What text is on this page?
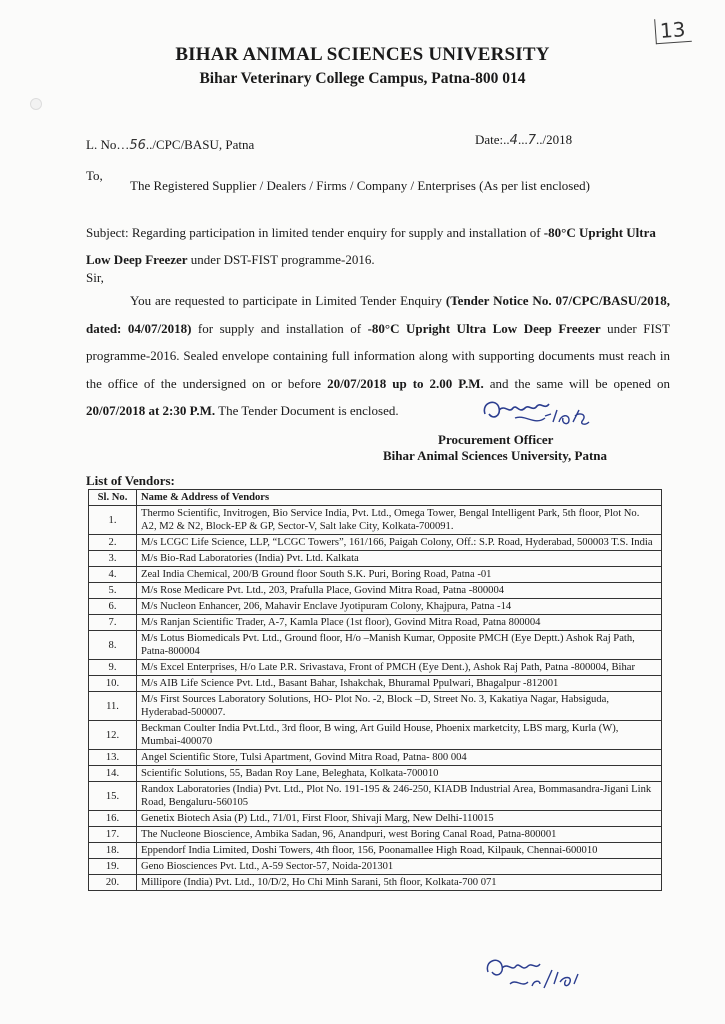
13
BIHAR ANIMAL SCIENCES UNIVERSITY
Bihar Veterinary College Campus, Patna-800 014
L. No…56../CPC/BASU, Patna	Date:..4...7../2018
To,
The Registered Supplier / Dealers / Firms / Company / Enterprises (As per list enclosed)
Subject: Regarding participation in limited tender enquiry for supply and installation of -80°C Upright Ultra Low Deep Freezer under DST-FIST programme-2016.
Sir,
You are requested to participate in Limited Tender Enquiry (Tender Notice No. 07/CPC/BASU/2018, dated: 04/07/2018) for supply and installation of -80°C Upright Ultra Low Deep Freezer under FIST programme-2016. Sealed envelope containing full information along with supporting documents must reach in the office of the undersigned on or before 20/07/2018 up to 2.00 P.M. and the same will be opened on 20/07/2018 at 2:30 P.M. The Tender Document is enclosed.
Procurement Officer
Bihar Animal Sciences University, Patna
List of Vendors:
Sl. No.	Name & Address of Vendors
1.	Thermo Scientific, Invitrogen, Bio Service India, Pvt. Ltd., Omega Tower, Bengal Intelligent Park, 5th floor, Plot No. A2, M2 & N2, Block-EP & GP, Sector-V, Salt lake City, Kolkata-700091.
2.	M/s LCGC Life Science, LLP, “LCGC Towers”, 161/166, Paigah Colony, Off.: S.P. Road, Hyderabad, 500003 T.S. India
3.	M/s Bio-Rad Laboratories (India) Pvt. Ltd. Kalkata
4.	Zeal India Chemical, 200/B Ground floor South S.K. Puri, Boring Road, Patna -01
5.	M/s Rose Medicare Pvt. Ltd., 203, Prafulla Place, Govind Mitra Road, Patna -800004
6.	M/s Nucleon Enhancer, 206, Mahavir Enclave Jyotipuram Colony, Khajpura, Patna -14
7.	M/s Ranjan Scientific Trader, A-7, Kamla Place (1st floor), Govind Mitra Road, Patna 800004
8.	M/s Lotus Biomedicals Pvt. Ltd., Ground floor, H/o –Manish Kumar, Opposite PMCH (Eye Deptt.) Ashok Raj Path, Patna-800004
9.	M/s Excel Enterprises, H/o Late P.R. Srivastava, Front of PMCH (Eye Dent.), Ashok Raj Path, Patna -800004, Bihar
10.	M/s AIB Life Science Pvt. Ltd., Basant Bahar, Ishakchak, Bhuramal Ppulwari, Bhagalpur -812001
11.	M/s First Sources Laboratory Solutions, HO- Plot No. -2, Block –D, Street No. 3, Kakatiya Nagar, Habsiguda, Hyderabad-500007.
12.	Beckman Coulter India Pvt.Ltd., 3rd floor, B wing, Art Guild House, Phoenix marketcity, LBS marg, Kurla (W), Mumbai-400070
13.	Angel Scientific Store, Tulsi Apartment, Govind Mitra Road, Patna- 800 004
14.	Scientific Solutions, 55, Badan Roy Lane, Beleghata, Kolkata-700010
15.	Randox Laboratories (India) Pvt. Ltd., Plot No. 191-195 & 246-250, KIADB Industrial Area, Bommasandra-Jigani Link Road, Bengaluru-560105
16.	Genetix Biotech Asia (P) Ltd., 71/01, First Floor, Shivaji Marg, New Delhi-110015
17.	The Nucleone Bioscience, Ambika Sadan, 96, Anandpuri, west Boring Canal Road, Patna-800001
18.	Eppendorf India Limited, Doshi Towers, 4th floor, 156, Poonamallee High Road, Kilpauk, Chennai-600010
19.	Geno Biosciences Pvt. Ltd., A-59 Sector-57, Noida-201301
20.	Millipore (India) Pvt. Ltd., 10/D/2, Ho Chi Minh Sarani, 5th floor, Kolkata-700 071
